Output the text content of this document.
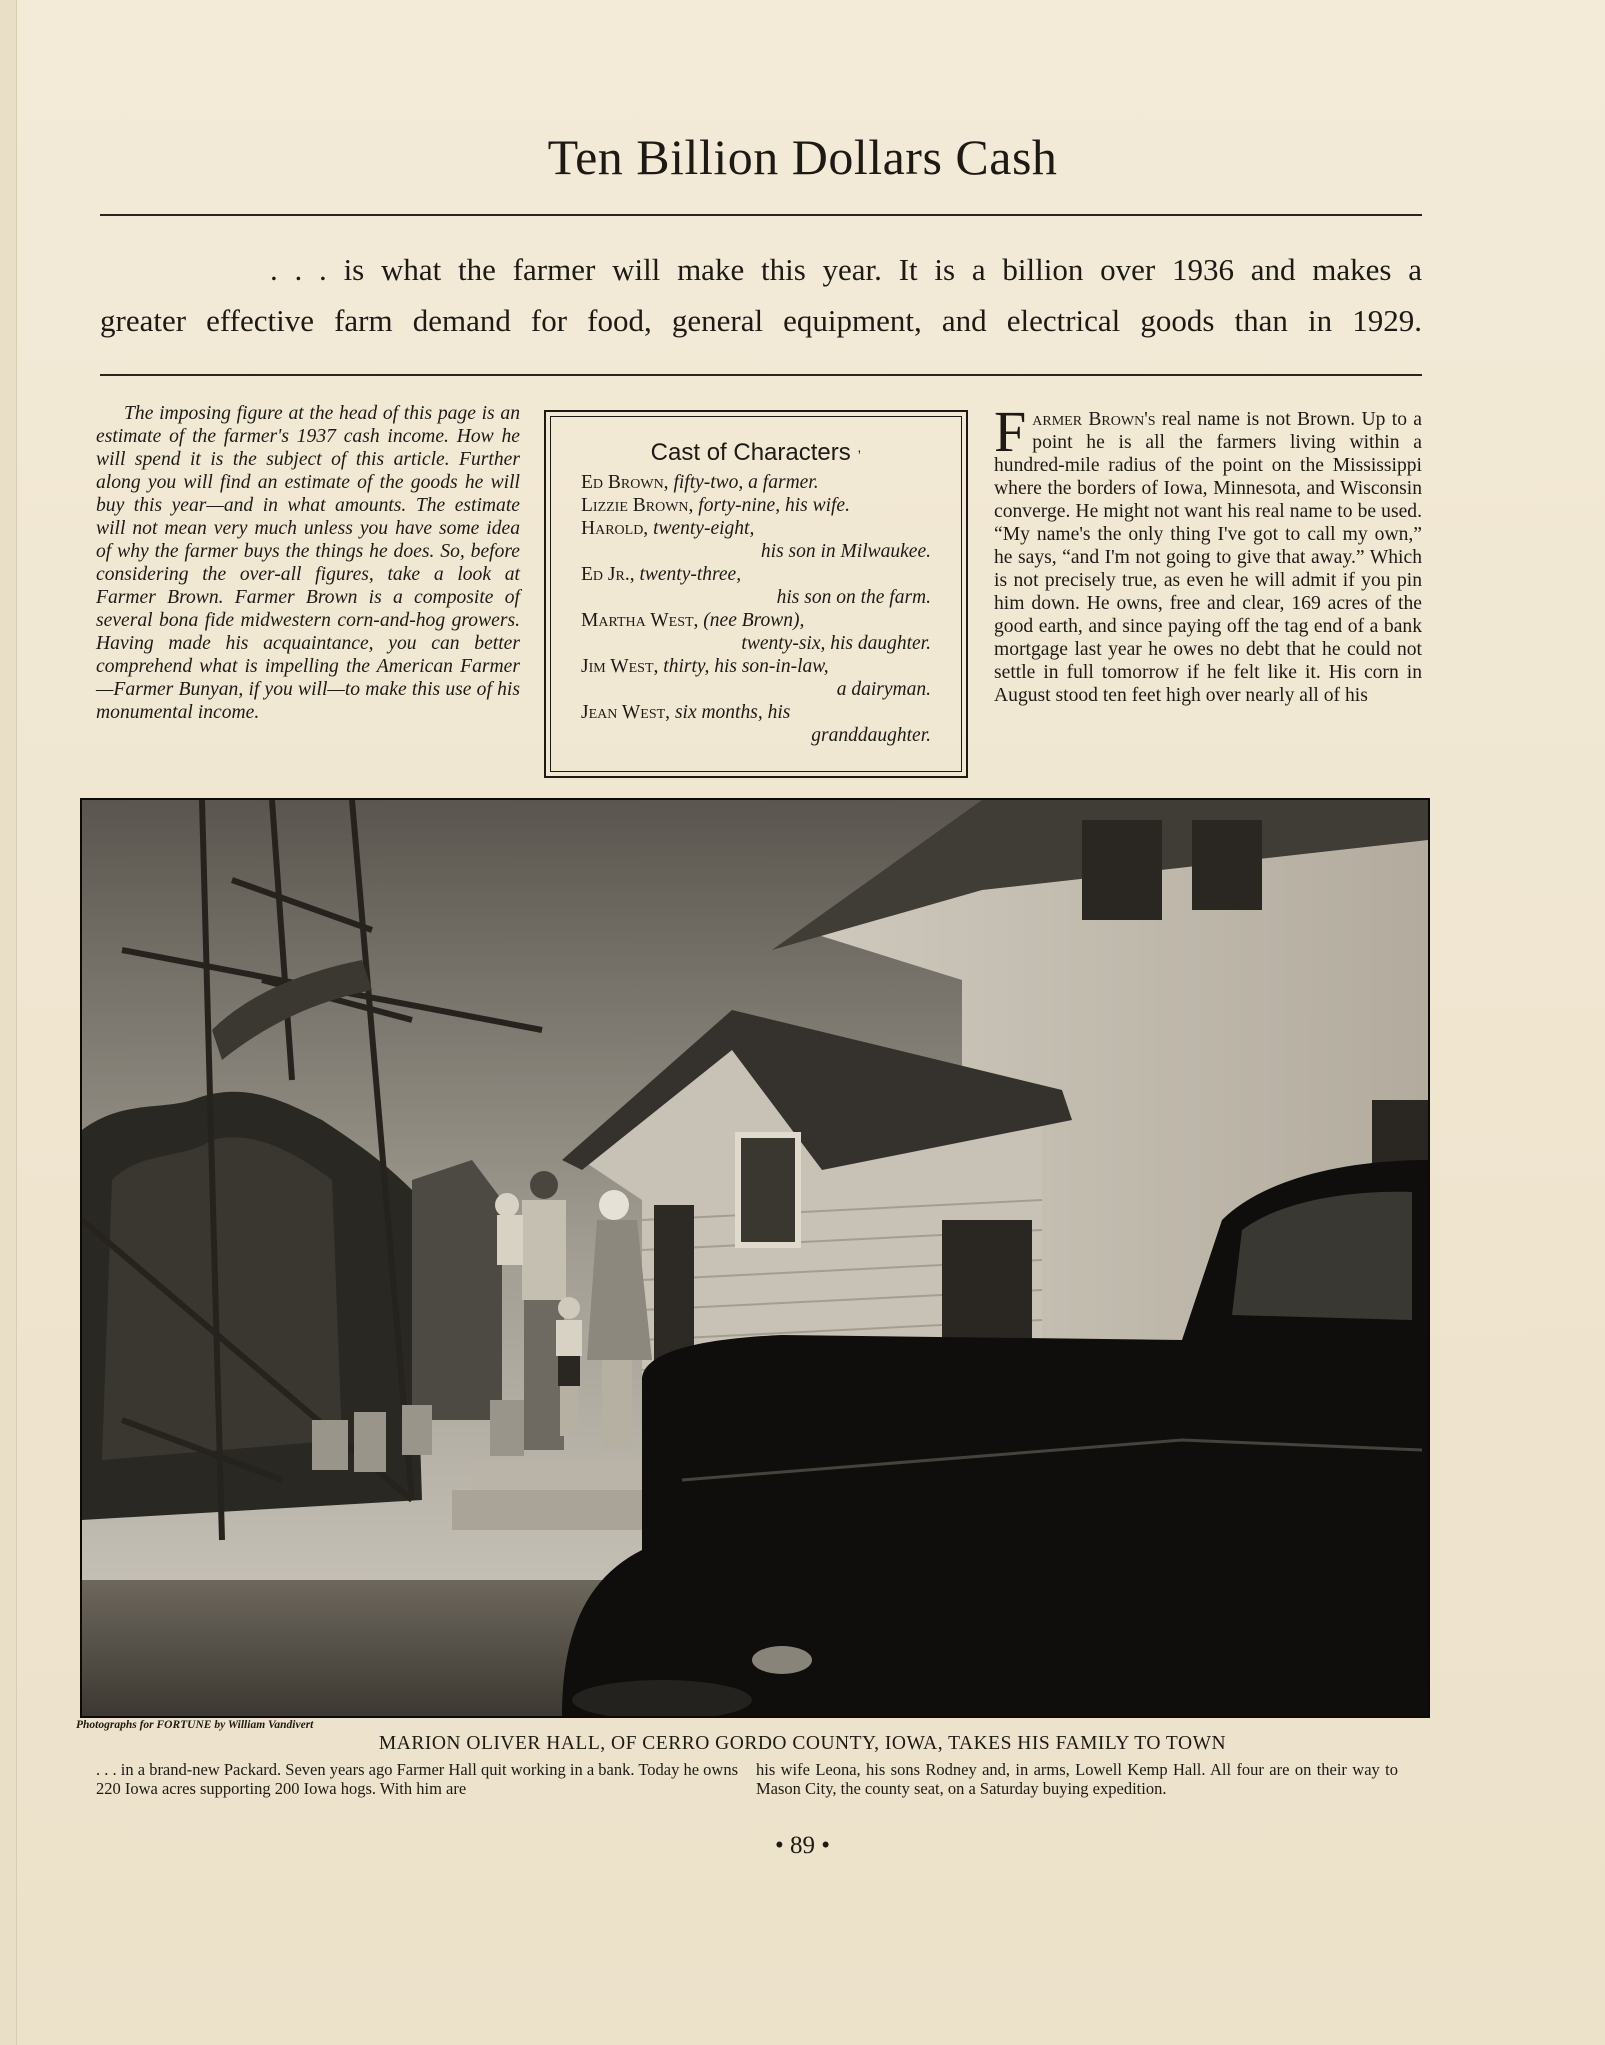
Ten Billion Dollars Cash
. . . is what the farmer will make this year. It is a billion over 1936 and makes a
greater effective farm demand for food, general equipment, and electrical goods than in 1929.

The imposing figure at the head of this page is an estimate of the farmer's 1937 cash income. How he will spend it is the subject of this article. Further along you will find an estimate of the goods he will buy this year—and in what amounts. The estimate will not mean very much unless you have some idea of why the farmer buys the things he does. So, before considering the over-all figures, take a look at Farmer Brown. Farmer Brown is a composite of several bona fide midwestern corn-and-hog growers. Having made his acquaintance, you can better comprehend what is impelling the American Farmer—Farmer Bunyan, if you will—to make this use of his monumental income.

Cast of Characters ,
Ed Brown, fifty-two, a farmer.
Lizzie Brown, forty-nine, his wife.
Harold, twenty-eight,
his son in Milwaukee.
Ed Jr., twenty-three,
his son on the farm.
Martha West, (nee Brown),
twenty-six, his daughter.
Jim West, thirty, his son-in-law,
a dairyman.
Jean West, six months, his
granddaughter.

Farmer Brown's real name is not Brown. Up to a point he is all the farmers living within a hundred-mile radius of the point on the Mississippi where the borders of Iowa, Minnesota, and Wisconsin converge. He might not want his real name to be used. “My name's the only thing I've got to call my own,” he says, “and I'm not going to give that away.” Which is not precisely true, as even he will admit if you pin him down. He owns, free and clear, 169 acres of the good earth, and since paying off the tag end of a bank mortgage last year he owes no debt that he could not settle in full tomorrow if he felt like it. His corn in August stood ten feet high over nearly all of his

Photographs for FORTUNE by William Vandivert
MARION OLIVER HALL, OF CERRO GORDO COUNTY, IOWA, TAKES HIS FAMILY TO TOWN

. . . in a brand-new Packard. Seven years ago Farmer Hall quit working in a bank. Today he owns 220 Iowa acres supporting 200 Iowa hogs. With him are

his wife Leona, his sons Rodney and, in arms, Lowell Kemp Hall. All four are on their way to Mason City, the county seat, on a Saturday buying expedition.

• 89 •
